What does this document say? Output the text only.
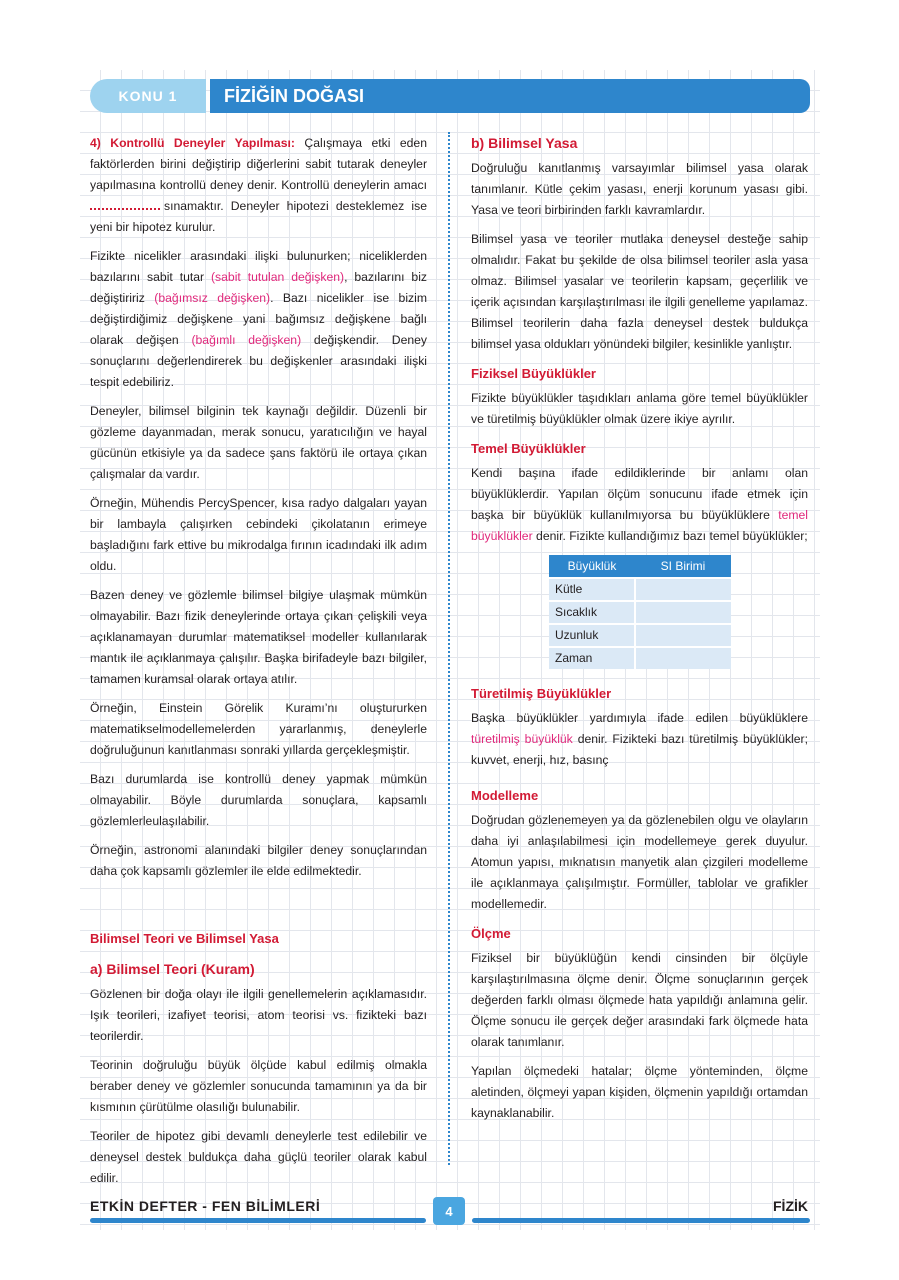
KONU 1	FİZİĞİN DOĞASI

4) Kontrollü Deneyler Yapılması: Çalışmaya etki eden faktörlerden birini değiştirip diğerlerini sabit tutarak deneyler yapılmasına kontrollü deney denir. Kontrollü deneylerin amacı sınamaktır. Deneyler hipotezi desteklemez ise yeni bir hipotez kurulur.

Fizikte nicelikler arasındaki ilişki bulunurken; niceliklerden bazılarını sabit tutar (sabit tutulan değişken), bazılarını biz değiştiririz (bağımsız değişken). Bazı nicelikler ise bizim değiştirdiğimiz değişkene yani bağımsız değişkene bağlı olarak değişen (bağımlı değişken) değişkendir. Deney sonuçlarını değerlendirerek bu değişkenler arasındaki ilişki tespit edebiliriz.

Deneyler, bilimsel bilginin tek kaynağı değildir. Düzenli bir gözleme dayanmadan, merak sonucu, yaratıcılığın ve hayal gücünün etkisiyle ya da sadece şans faktörü ile ortaya çıkan çalışmalar da vardır.

Örneğin, Mühendis PercySpencer, kısa radyo dalgaları yayan bir lambayla çalışırken cebindeki çikolatanın erimeye başladığını fark ettive bu mikrodalga fırının icadındaki ilk adım oldu.

Bazen deney ve gözlemle bilimsel bilgiye ulaşmak mümkün olmayabilir. Bazı fizik deneylerinde ortaya çıkan çelişkili veya açıklanamayan durumlar matematiksel modeller kullanılarak mantık ile açıklanmaya çalışılır. Başka birifadeyle bazı bilgiler, tamamen kuramsal olarak ortaya atılır.

Örneğin, Einstein Görelik Kuramı’nı oluştururken matematikselmodellemelerden yararlanmış, deneylerle doğruluğunun kanıtlanması sonraki yıllarda gerçekleşmiştir.

Bazı durumlarda ise kontrollü deney yapmak mümkün olmayabilir. Böyle durumlarda sonuçlara, kapsamlı gözlemlerleulaşılabilir.

Örneğin, astronomi alanındaki bilgiler deney sonuçlarından daha çok kapsamlı gözlemler ile elde edilmektedir.

Bilimsel Teori ve Bilimsel Yasa
a) Bilimsel Teori (Kuram)

Gözlenen bir doğa olayı ile ilgili genellemelerin açıklamasıdır. Işık teorileri, izafiyet teorisi, atom teorisi vs. fizikteki bazı teorilerdir.

Teorinin doğruluğu büyük ölçüde kabul edilmiş olmakla beraber deney ve gözlemler sonucunda tamamının ya da bir kısmının çürütülme olasılığı bulunabilir.

Teoriler de hipotez gibi devamlı deneylerle test edilebilir ve deneysel destek buldukça daha güçlü teoriler olarak kabul edilir.

b) Bilimsel Yasa

Doğruluğu kanıtlanmış varsayımlar bilimsel yasa olarak tanımlanır. Kütle çekim yasası, enerji korunum yasası gibi. Yasa ve teori birbirinden farklı kavramlardır.

Bilimsel yasa ve teoriler mutlaka deneysel desteğe sahip olmalıdır. Fakat bu şekilde de olsa bilimsel teoriler asla yasa olmaz. Bilimsel yasalar ve teorilerin kapsam, geçerlilik ve içerik açısından karşılaştırılması ile ilgili genelleme yapılamaz. Bilimsel teorilerin daha fazla deneysel destek buldukça bilimsel yasa oldukları yönündeki bilgiler, kesinlikle yanlıştır.

Fiziksel Büyüklükler

Fizikte büyüklükler taşıdıkları anlama göre temel büyüklükler ve türetilmiş büyüklükler olmak üzere ikiye ayrılır.

Temel Büyüklükler

Kendi başına ifade edildiklerinde bir anlamı olan büyüklüklerdir. Yapılan ölçüm sonucunu ifade etmek için başka bir büyüklük kullanılmıyorsa bu büyüklüklere temel büyüklükler denir. Fizikte kullandığımız bazı temel büyüklükler;

Büyüklük	SI Birimi
Kütle	
Sıcaklık	
Uzunluk	
Zaman	
Türetilmiş Büyüklükler

Başka büyüklükler yardımıyla ifade edilen büyüklüklere türetilmiş büyüklük denir. Fizikteki bazı türetilmiş büyüklükler; kuvvet, enerji, hız, basınç

Modelleme

Doğrudan gözlenemeyen ya da gözlenebilen olgu ve olayların daha iyi anlaşılabilmesi için modellemeye gerek duyulur. Atomun yapısı, mıknatısın manyetik alan çizgileri modelleme ile açıklanmaya çalışılmıştır. Formüller, tablolar ve grafikler modellemedir.

Ölçme

Fiziksel bir büyüklüğün kendi cinsinden bir ölçüyle karşılaştırılmasına ölçme denir. Ölçme sonuçlarının gerçek değerden farklı olması ölçmede hata yapıldığı anlamına gelir. Ölçme sonucu ile gerçek değer arasındaki fark ölçmede hata olarak tanımlanır.

Yapılan ölçmedeki hatalar; ölçme yönteminden, ölçme aletinden, ölçmeyi yapan kişiden, ölçmenin yapıldığı ortamdan kaynaklanabilir.

ETKİN DEFTER - FEN BİLİMLERİ	4	FİZİK
